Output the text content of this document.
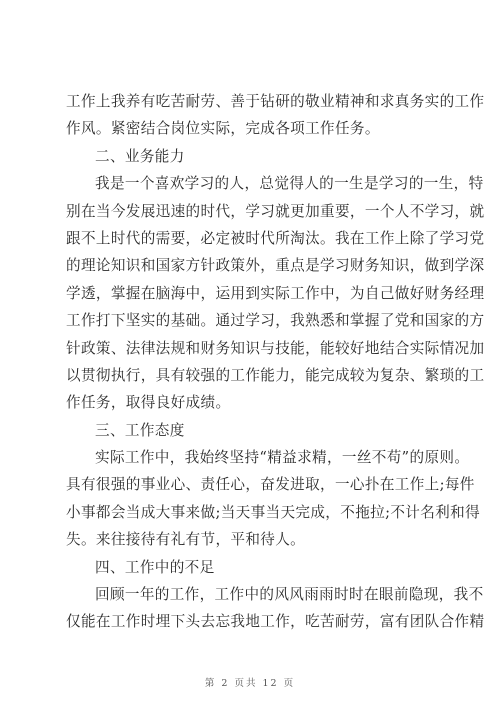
工作上我养有吃苦耐劳、善于钻研的敬业精神和求真务实的工作
作风。紧密结合岗位实际，完成各项工作任务。
二、业务能力
我是一个喜欢学习的人，总觉得人的一生是学习的一生，特
别在当今发展迅速的时代，学习就更加重要，一个人不学习，就
跟不上时代的需要，必定被时代所淘汰。我在工作上除了学习党
的理论知识和国家方针政策外，重点是学习财务知识，做到学深
学透，掌握在脑海中，运用到实际工作中，为自己做好财务经理
工作打下坚实的基础。通过学习，我熟悉和掌握了党和国家的方
针政策、法律法规和财务知识与技能，能较好地结合实际情况加
以贯彻执行，具有较强的工作能力，能完成较为复杂、繁琐的工
作任务，取得良好成绩。
三、工作态度
实际工作中，我始终坚持“精益求精，一丝不苟”的原则。
具有很强的事业心、责任心，奋发进取，一心扑在工作上;每件
小事都会当成大事来做;当天事当天完成，不拖拉;不计名利和得
失。来往接待有礼有节，平和待人。
四、工作中的不足
回顾一年的工作，工作中的风风雨雨时时在眼前隐现，我不
仅能在工作时埋下头去忘我地工作，吃苦耐劳，富有团队合作精
第 2 页共 12 页
